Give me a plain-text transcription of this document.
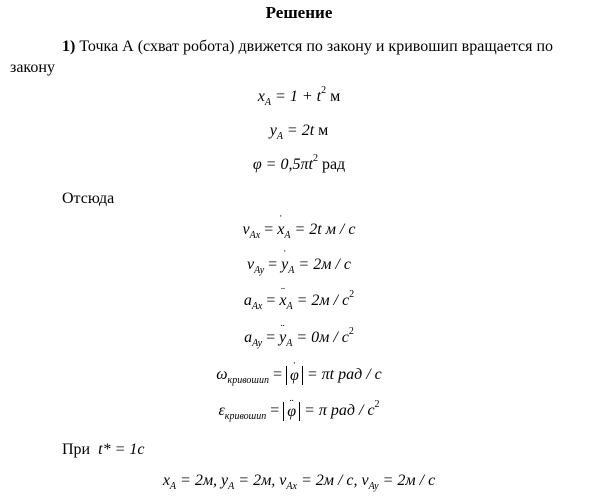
Решение
1) Точка А (схват робота) движется по закону и кривошип вращается по закону
$x_A = 1 + t^2$ м
$y_A = 2t$ м
$\varphi = 0,5\pi t^2$ рад
Отсюда
$v_{Ax}$ = ˙ $x_A = 2t$ м / с
$v_{Ay}$ = ˙ $y_A = 2м / с$
$a_{Ax}$ = ¨ $x_A = 2м / с^2$
$a_{Ay}$ = ¨ $y_A = 0м / с^2$
$\omega_{кривошип}$ = ˙ φ = πt рад / с
$\varepsilon_{кривошип}$ = ¨ φ = π рад / $с^2$
При t* = 1с
$x_A = 2м$, $y_A = 2м$, $v_{Ax} = 2м / с$, $v_{Ay} = 2м / с$
